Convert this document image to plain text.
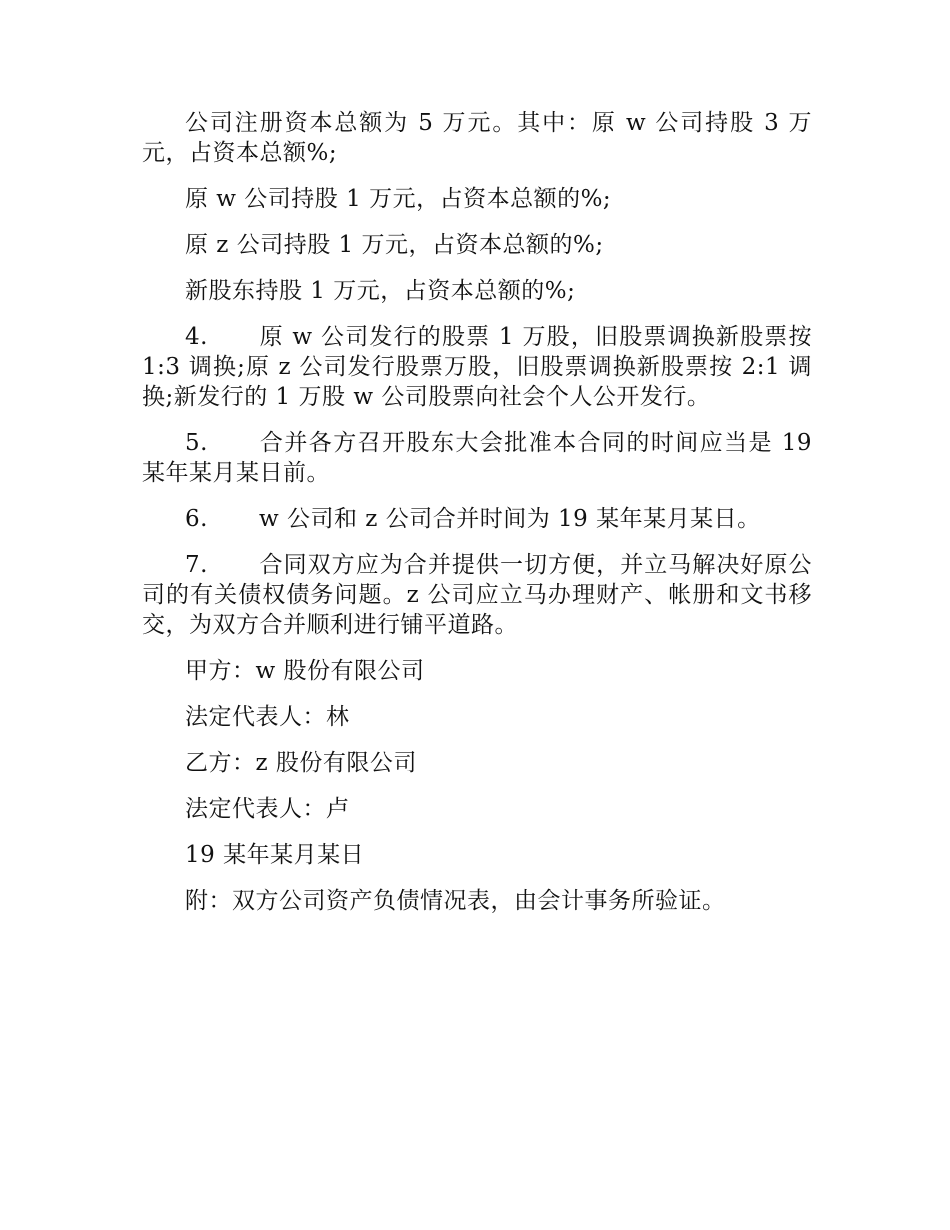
公司注册资本总额为 5 万元。其中：原 w 公司持股 3 万元，占资本总额%;

原 w 公司持股 1 万元，占资本总额的%;

原 z 公司持股 1 万元，占资本总额的%;

新股东持股 1 万元，占资本总额的%;

4. 原 w 公司发行的股票 1 万股，旧股票调换新股票按 1:3 调换;原 z 公司发行股票万股，旧股票调换新股票按 2:1 调换;新发行的 1 万股 w 公司股票向社会个人公开发行。

5. 合并各方召开股东大会批准本合同的时间应当是 19 某年某月某日前。

6. w 公司和 z 公司合并时间为 19 某年某月某日。

7. 合同双方应为合并提供一切方便，并立马解决好原公司的有关债权债务问题。z 公司应立马办理财产、帐册和文书移交，为双方合并顺利进行铺平道路。

甲方：w 股份有限公司

法定代表人：林

乙方：z 股份有限公司

法定代表人：卢

19 某年某月某日

附：双方公司资产负债情况表，由会计事务所验证。
